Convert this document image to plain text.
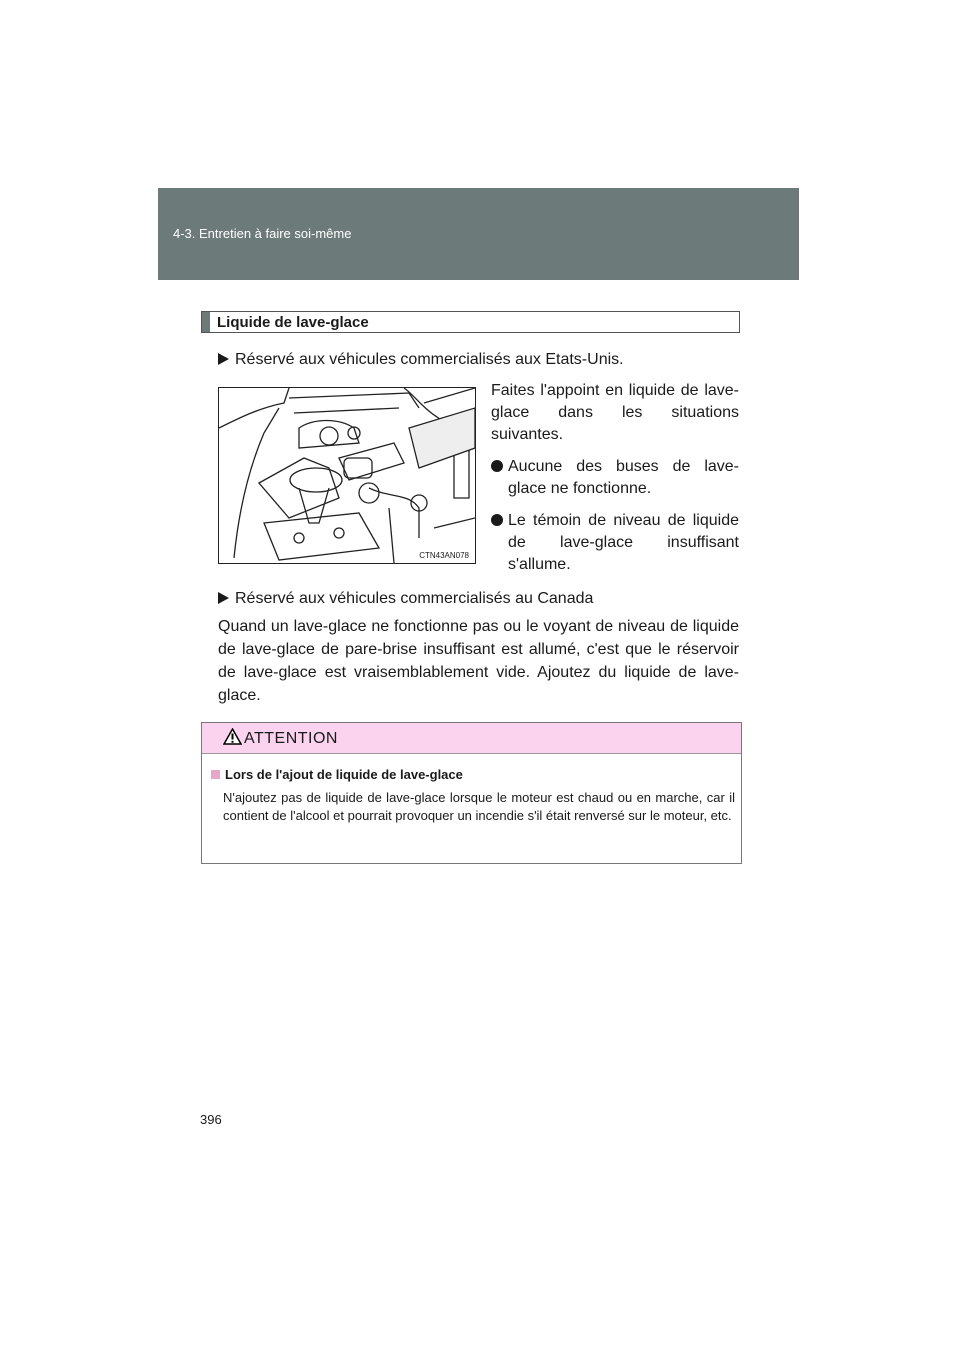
4-3. Entretien à faire soi-même
Liquide de lave-glace
Réservé aux véhicules commercialisés aux Etats-Unis.
CTN43AN078

Faites l'appoint en liquide de lave-glace dans les situations suivantes.

Aucune des buses de lave-glace ne fonctionne.
Le témoin de niveau de liquide de lave-glace insuffisant s'allume.
Réservé aux véhicules commercialisés au Canada
Quand un lave-glace ne fonctionne pas ou le voyant de niveau de liquide de lave-glace de pare-brise insuffisant est allumé, c'est que le réservoir de lave-glace est vraisemblablement vide. Ajoutez du liquide de lave-glace.
ATTENTION
Lors de l'ajout de liquide de lave-glace
N'ajoutez pas de liquide de lave-glace lorsque le moteur est chaud ou en marche, car il contient de l'alcool et pourrait provoquer un incendie s'il était renversé sur le moteur, etc.
396
